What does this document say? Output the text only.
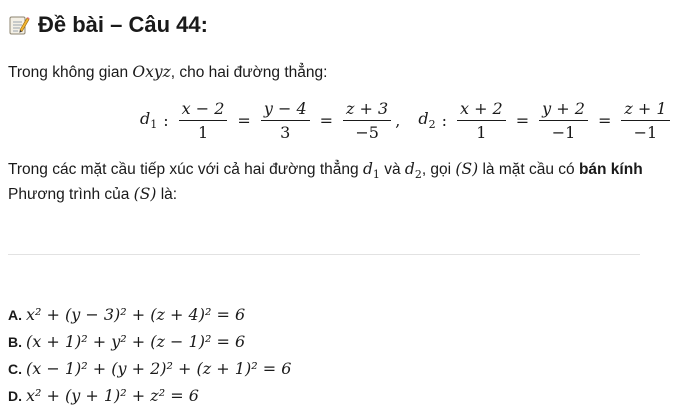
Đề bài – Câu 44:
Trong không gian Oxyz, cho hai đường thẳng:
$d_1$ : $\frac{x - 2}{1} = \frac{y - 4}{3} = \frac{z + 3}{-5}$ , $d_2$ : $\frac{x + 2}{1} = \frac{y + 2}{-1} = \frac{z + 1}{-1}$
Trong các mặt cầu tiếp xúc với cả hai đường thẳng $d_1$ và $d_2$, gọi (S) là mặt cầu có bán kính
Phương trình của (S) là:
A. x² + (y − 3)² + (z + 4)² = 6
B. (x + 1)² + y² + (z − 1)² = 6
C. (x − 1)² + (y + 2)² + (z + 1)² = 6
D. x² + (y + 1)² + z² = 6
